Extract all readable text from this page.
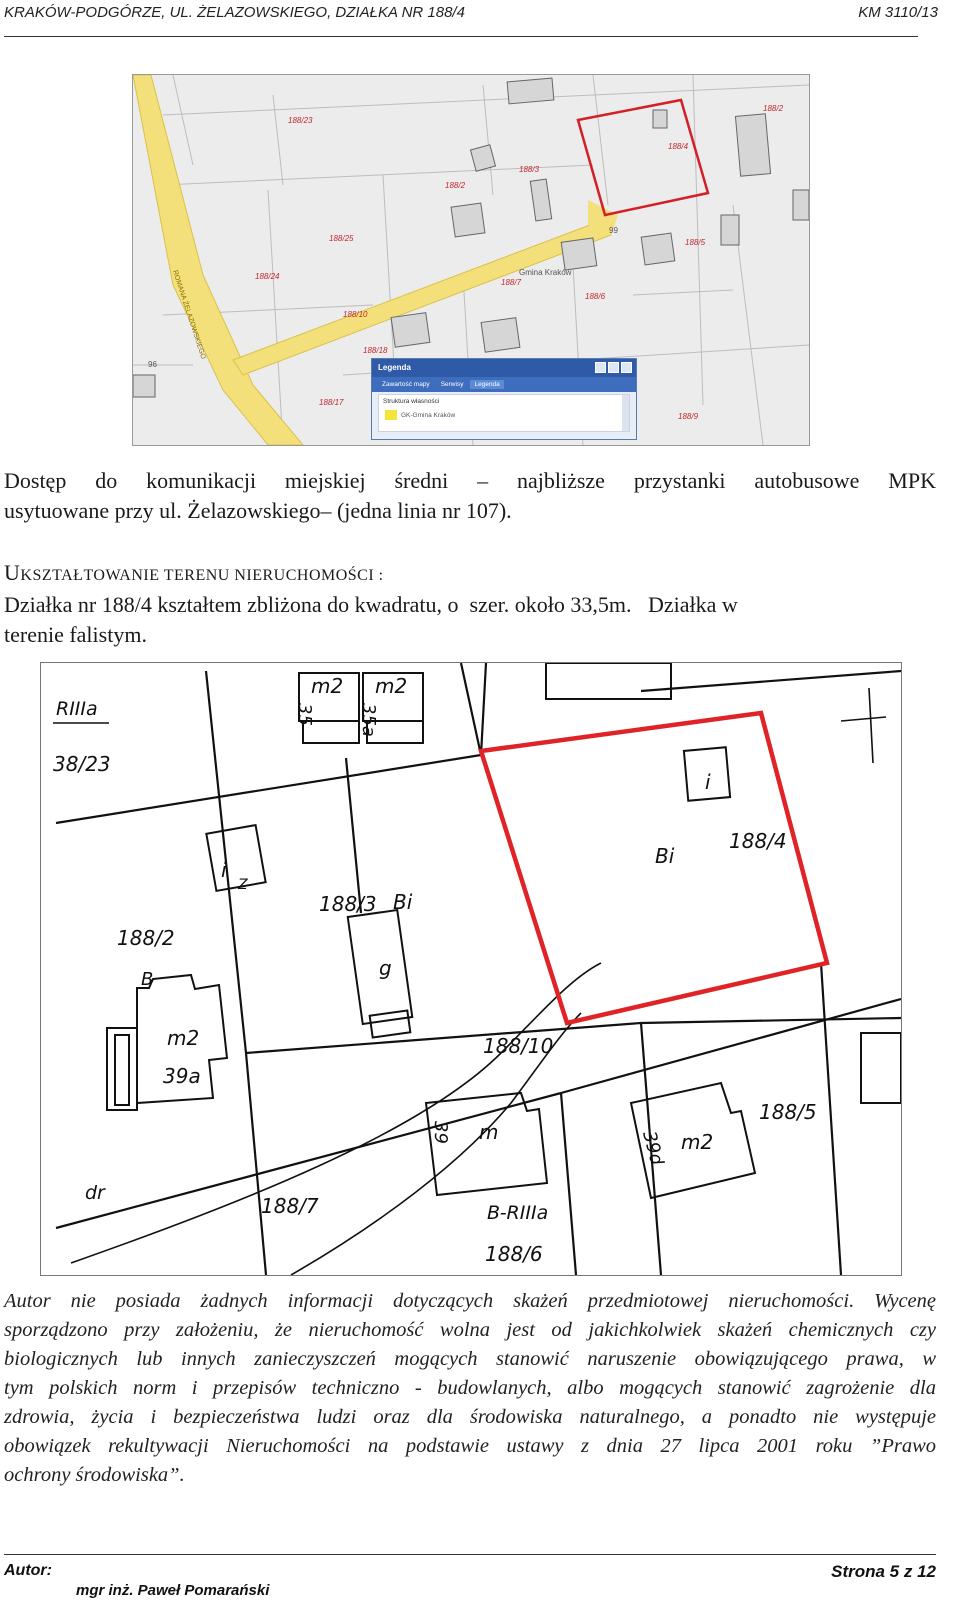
KRAKÓW-PODGÓRZE, UL. ŻELAZOWSKIEGO, DZIAŁKA NR 188/4	KM 3110/13
188/23
188/2
188/3
188/4
188/2
188/25
188/24
188/10
188/7
188/6
188/5
188/18
188/17
188/9
99
96
Gmina Kraków
ROMANA ŻELAZOWSKIEGO
Legenda
Zawartość mapy	Serwisy	Legenda
Struktura własności
GK-Gmina Kraków
Dostęp do komunikacji miejskiej średni – najbliższe przystanki autobusowe MPK
usytuowane przy ul. Żelazowskiego– (jedna linia nr 107).
UKSZTAŁTOWANIE TERENU NIERUCHOMOŚCI :
Działka nr 188/4 kształtem zbliżona do kwadratu, o  szer. około 33,5m.   Działka w
terenie falistym.
RIIIa
38/23
188/2
188/3 Bi
188/4
Bi
188/10
188/5
188/7
188/6
B-RIIIa
dr
m2 m2
m2
m2
39a
m
i
i
g
B
Z
35 35a
39	39d
Autor nie posiada żadnych informacji dotyczących skażeń przedmiotowej nieruchomości. Wycenę
sporządzono przy założeniu, że nieruchomość wolna jest od jakichkolwiek skażeń chemicznych czy
biologicznych lub innych zanieczyszczeń mogących stanowić naruszenie obowiązującego prawa, w
tym polskich norm i przepisów techniczno - budowlanych, albo mogących stanowić zagrożenie dla
zdrowia, życia i bezpieczeństwa ludzi oraz dla środowiska naturalnego, a ponadto nie występuje
obowiązek rekultywacji Nieruchomości na podstawie ustawy z dnia 27 lipca 2001 roku ”Prawo
ochrony środowiska”.
Autor:
mgr inż. Paweł Pomarański
Strona 5 z 12
